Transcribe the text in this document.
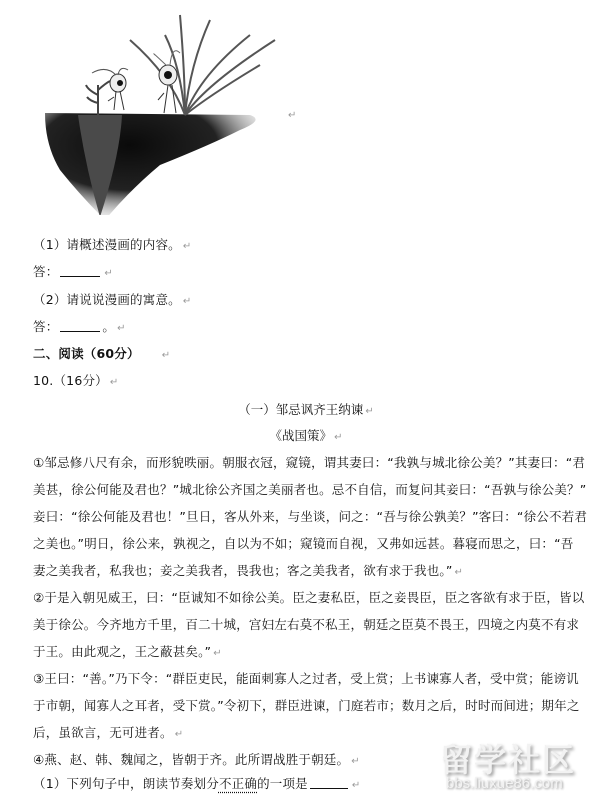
↵
（1）请概述漫画的内容。 ↵
答：	↵
（2）请说说漫画的寓意。 ↵
答：	。 ↵
二、阅读（60分） ↵
10.（16分） ↵
（一）邹忌讽齐王纳谏 ↵
《战国策》 ↵
①邹忌修八尺有余，而形貌昳丽。朝服衣冠，窥镜，谓其妻曰：“我孰与城北徐公美？”其妻曰：“君
美甚，徐公何能及君也？”城北徐公齐国之美丽者也。忌不自信，而复问其妾曰：“吾孰与徐公美？”
妾曰：“徐公何能及君也！”旦日，客从外来，与坐谈，问之：“吾与徐公孰美？”客曰：“徐公不若君
之美也。”明日，徐公来，孰视之，自以为不如；窥镜而自视，又弗如远甚。暮寝而思之，曰：“吾
妻之美我者，私我也；妾之美我者，畏我也；客之美我者，欲有求于我也。” ↵
②于是入朝见威王，曰：“臣诚知不如徐公美。臣之妻私臣，臣之妾畏臣，臣之客欲有求于臣，皆以
美于徐公。今齐地方千里，百二十城，宫妇左右莫不私王，朝廷之臣莫不畏王，四境之内莫不有求
于王。由此观之，王之蔽甚矣。” ↵
③王曰：“善。”乃下令：“群臣吏民，能面刺寡人之过者，受上赏；上书谏寡人者，受中赏；能谤讥
于市朝，闻寡人之耳者，受下赏。”令初下，群臣进谏，门庭若市；数月之后，时时而间进；期年之
后，虽欲言，无可进者。 ↵
④燕、赵、韩、魏闻之，皆朝于齐。此所谓战胜于朝廷。 ↵
（1）下列句子中，朗读节奏划分不正确的一项是	↵
留学社区
bbs.liuxue86.com
